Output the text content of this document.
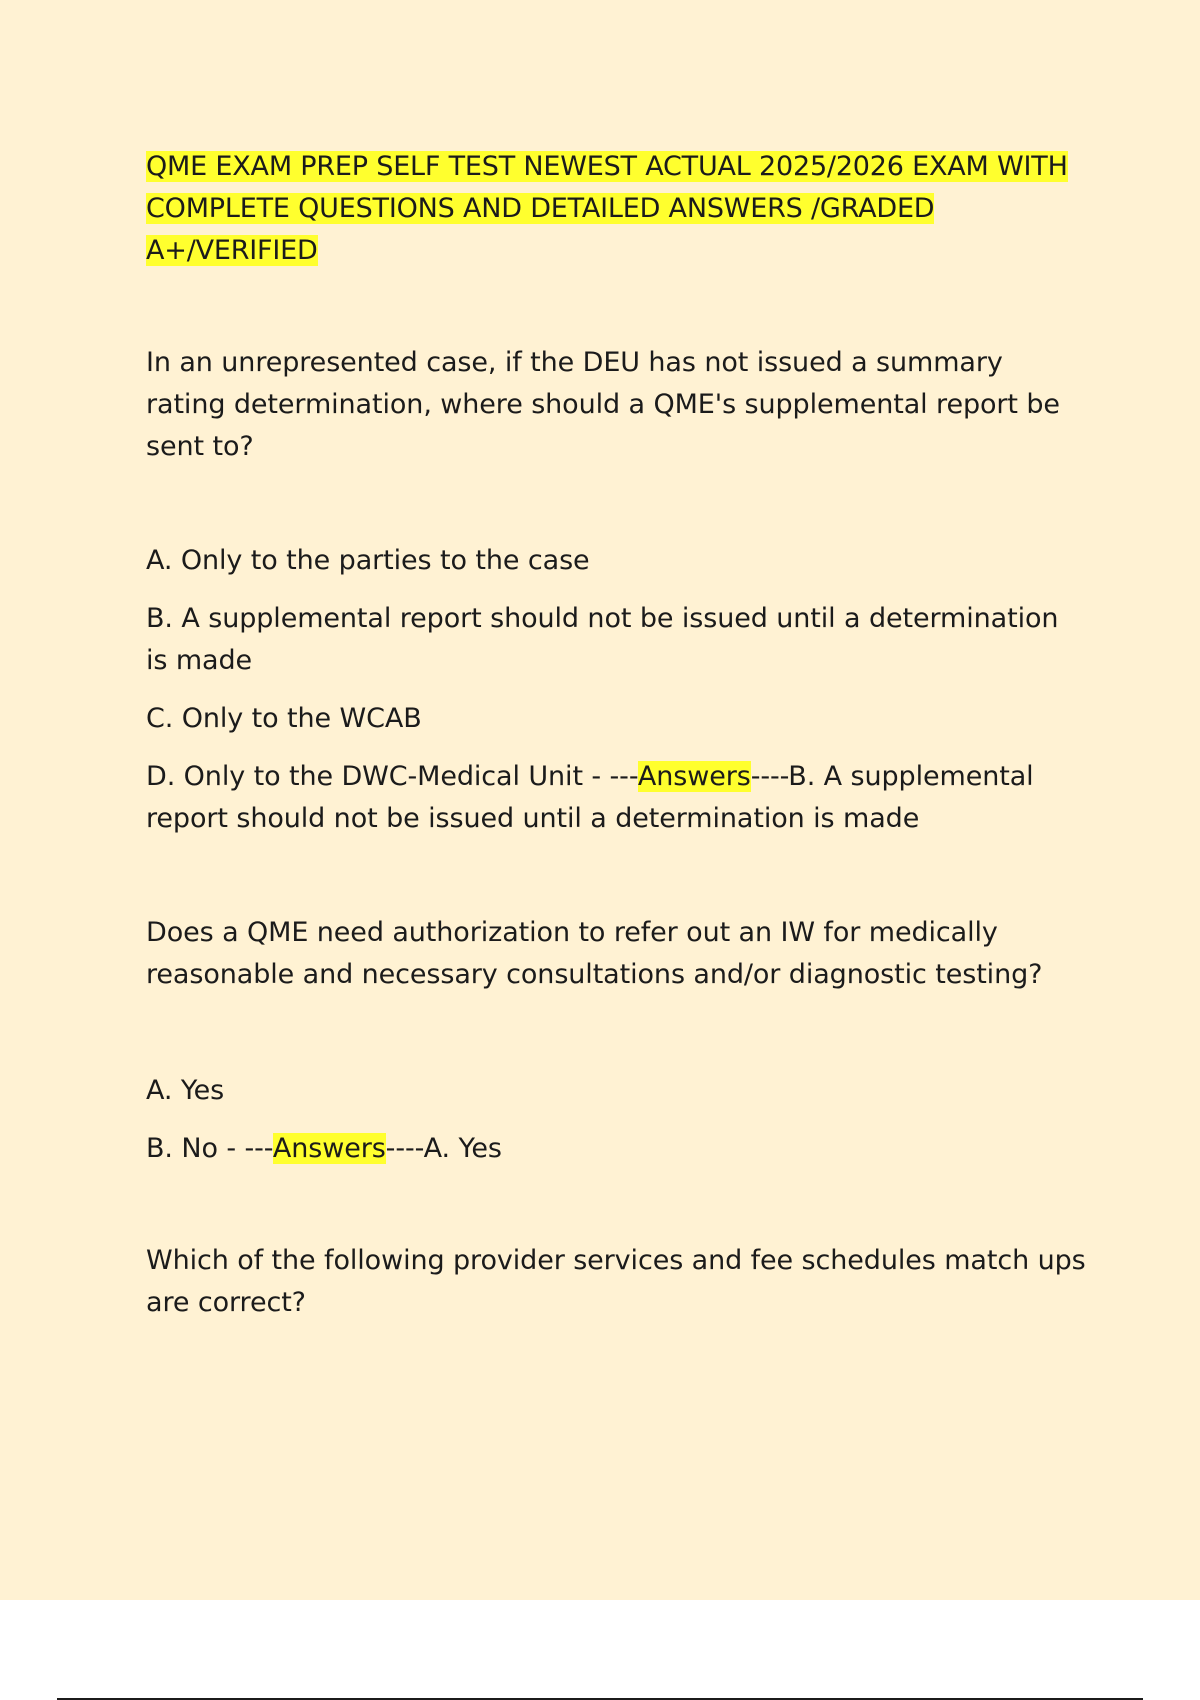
QME EXAM PREP SELF TEST NEWEST ACTUAL 2025/2026 EXAM WITH COMPLETE QUESTIONS AND DETAILED ANSWERS /GRADED A+/VERIFIED

In an unrepresented case, if the DEU has not issued a summary rating determination, where should a QME's supplemental report be sent to?

A. Only to the parties to the case
B. A supplemental report should not be issued until a determination is made
C. Only to the WCAB
D. Only to the DWC-Medical Unit - ---Answers----B. A supplemental report should not be issued until a determination is made

Does a QME need authorization to refer out an IW for medically reasonable and necessary consultations and/or diagnostic testing?

A. Yes
B. No - ---Answers----A. Yes

Which of the following provider services and fee schedules match ups are correct?
